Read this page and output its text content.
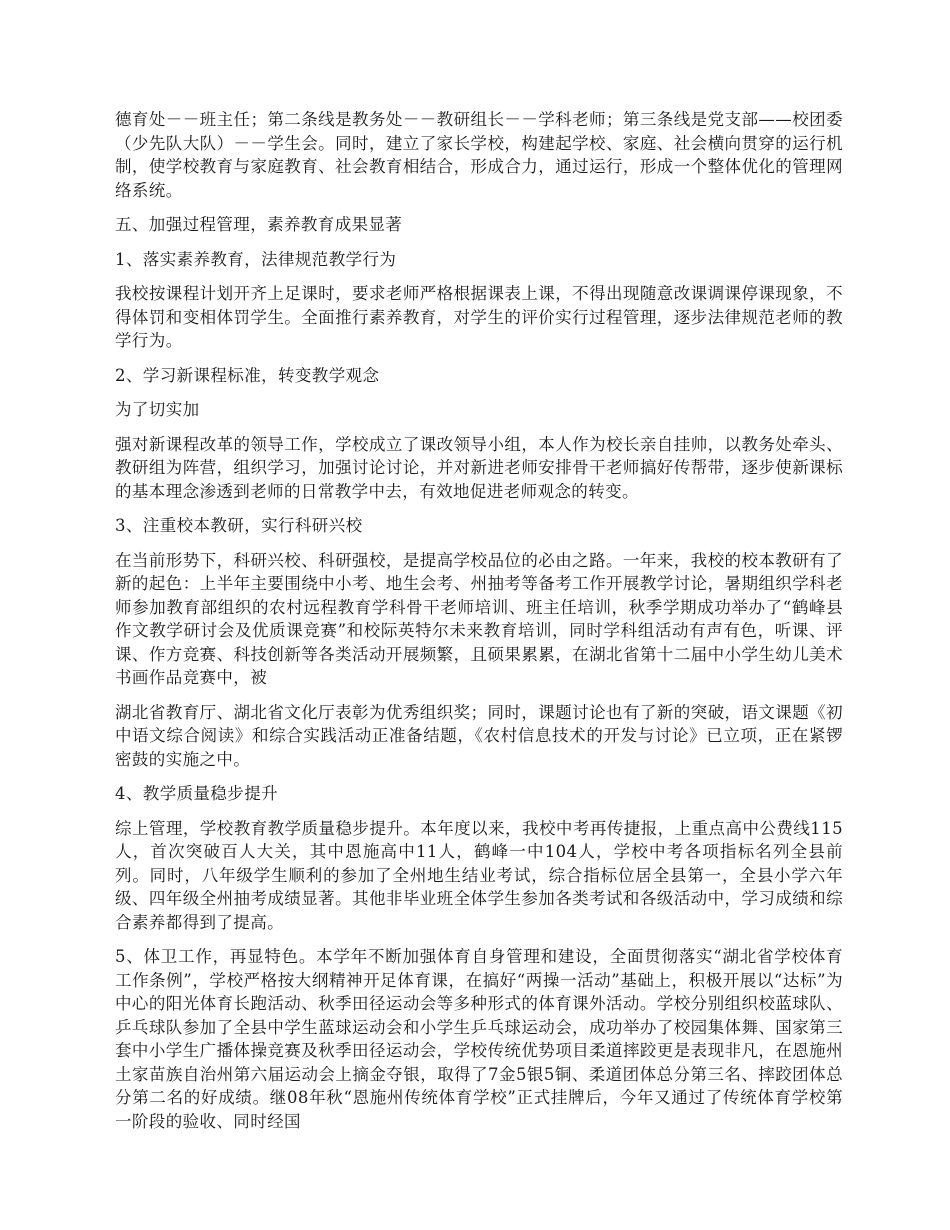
德育处－－班主任；第二条线是教务处－－教研组长－－学科老师；第三条线是党支部——校团委（少先队大队）－－学生会。同时，建立了家长学校，构建起学校、家庭、社会横向贯穿的运行机制，使学校教育与家庭教育、社会教育相结合，形成合力，通过运行，形成一个整体优化的管理网络系统。

五、加强过程管理，素养教育成果显著

1、落实素养教育，法律规范教学行为

我校按课程计划开齐上足课时，要求老师严格根据课表上课，不得出现随意改课调课停课现象，不得体罚和变相体罚学生。全面推行素养教育，对学生的评价实行过程管理，逐步法律规范老师的教学行为。

2、学习新课程标准，转变教学观念

为了切实加

强对新课程改革的领导工作，学校成立了课改领导小组，本人作为校长亲自挂帅，以教务处牵头、教研组为阵营，组织学习，加强讨论讨论，并对新进老师安排骨干老师搞好传帮带，逐步使新课标的基本理念渗透到老师的日常教学中去，有效地促进老师观念的转变。

3、注重校本教研，实行科研兴校

在当前形势下，科研兴校、科研强校，是提高学校品位的必由之路。一年来，我校的校本教研有了新的起色：上半年主要围绕中小考、地生会考、州抽考等备考工作开展教学讨论，暑期组织学科老师参加教育部组织的农村远程教育学科骨干老师培训、班主任培训，秋季学期成功举办了“鹤峰县作文教学研讨会及优质课竞赛”和校际英特尔未来教育培训，同时学科组活动有声有色，听课、评课、作方竞赛、科技创新等各类活动开展频繁，且硕果累累，在湖北省第十二届中小学生幼儿美术书画作品竞赛中，被

湖北省教育厅、湖北省文化厅表彰为优秀组织奖；同时，课题讨论也有了新的突破，语文课题《初中语文综合阅读》和综合实践活动正准备结题，《农村信息技术的开发与讨论》已立项，正在紧锣密鼓的实施之中。

4、教学质量稳步提升

综上管理，学校教育教学质量稳步提升。本年度以来，我校中考再传捷报，上重点高中公费线115人，首次突破百人大关，其中恩施高中11人，鹤峰一中104人，学校中考各项指标名列全县前列。同时，八年级学生顺利的参加了全州地生结业考试，综合指标位居全县第一，全县小学六年级、四年级全州抽考成绩显著。其他非毕业班全体学生参加各类考试和各级活动中，学习成绩和综合素养都得到了提高。

5、体卫工作，再显特色。本学年不断加强体育自身管理和建设，全面贯彻落实“湖北省学校体育工作条例”，学校严格按大纲精神开足体育课，在搞好“两操一活动”基础上，积极开展以“达标”为中心的阳光体育长跑活动、秋季田径运动会等多种形式的体育课外活动。学校分别组织校蓝球队、乒乓球队参加了全县中学生蓝球运动会和小学生乒乓球运动会，成功举办了校园集体舞、国家第三套中小学生广播体操竞赛及秋季田径运动会，学校传统优势项目柔道摔跤更是表现非凡，在恩施州土家苗族自治州第六届运动会上摘金夺银，取得了7金5银5铜、柔道团体总分第三名、摔跤团体总分第二名的好成绩。继08年秋“恩施州传统体育学校”正式挂牌后，今年又通过了传统体育学校第一阶段的验收、同时经国
